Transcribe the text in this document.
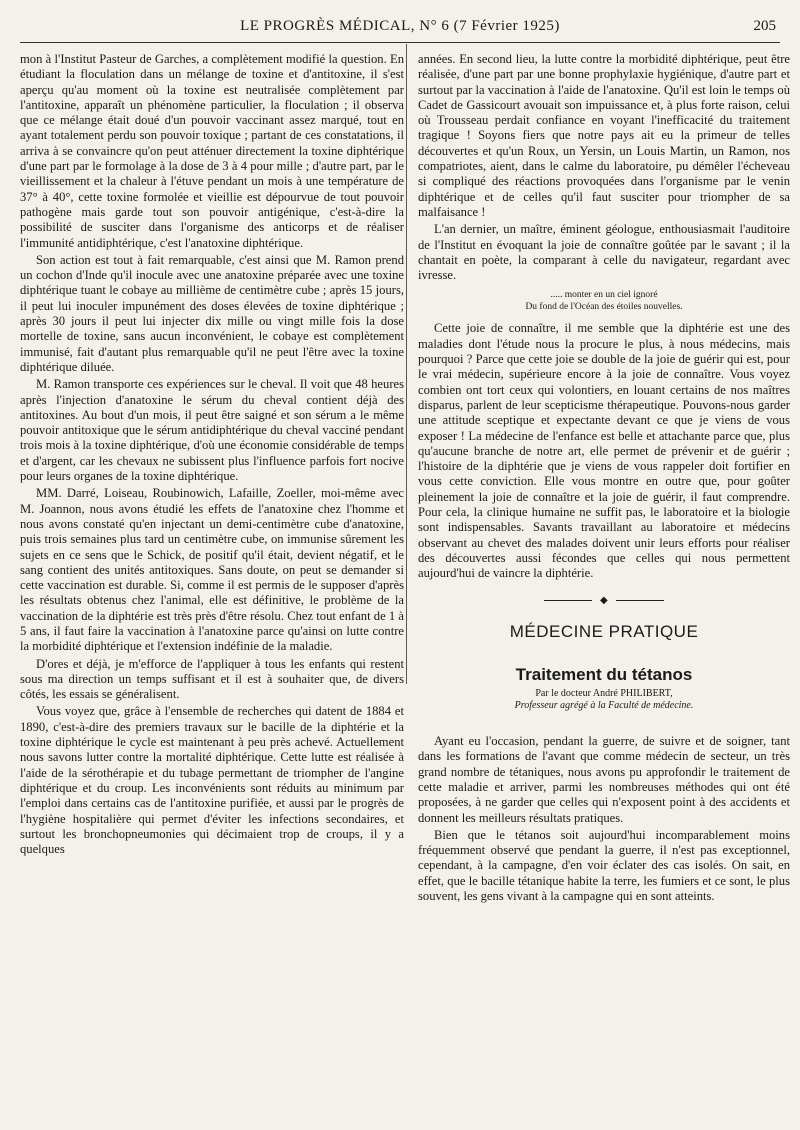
LE PROGRÈS MÉDICAL, N° 6 (7 Février 1925)	205

mon à l'Institut Pasteur de Garches, a complètement modifié la question. En étudiant la floculation dans un mélange de toxine et d'antitoxine, il s'est aperçu qu'au moment où la toxine est neutralisée complètement par l'antitoxine, apparaît un phénomène particulier, la floculation ; il observa que ce mélange était doué d'un pouvoir vaccinant assez marqué, tout en ayant totalement perdu son pouvoir toxique ; partant de ces constatations, il arriva à se convaincre qu'on peut atténuer directement la toxine diphtérique d'une part par le formolage à la dose de 3 à 4 pour mille ; d'autre part, par le vieillissement et la chaleur à l'étuve pendant un mois à une température de 37° à 40°, cette toxine formolée et vieillie est dépourvue de tout pouvoir pathogène mais garde tout son pouvoir antigénique, c'est-à-dire la possibilité de susciter dans l'organisme des anticorps et de réaliser l'immunité antidiphtérique, c'est l'anatoxine diphtérique.

Son action est tout à fait remarquable, c'est ainsi que M. Ramon prend un cochon d'Inde qu'il inocule avec une anatoxine préparée avec une toxine diphtérique tuant le cobaye au millième de centimètre cube ; après 15 jours, il peut lui inoculer impunément des doses élevées de toxine diphtérique ; après 30 jours il peut lui injecter dix mille ou vingt mille fois la dose mortelle de toxine, sans aucun inconvénient, le cobaye est complètement immunisé, fait d'autant plus remarquable qu'il ne peut l'être avec la toxine diphtérique diluée.

M. Ramon transporte ces expériences sur le cheval. Il voit que 48 heures après l'injection d'anatoxine le sérum du cheval contient déjà des antitoxines. Au bout d'un mois, il peut être saigné et son sérum a le même pouvoir antitoxique que le sérum antidiphtérique du cheval vacciné pendant trois mois à la toxine diphtérique, d'où une économie considérable de temps et d'argent, car les chevaux ne subissent plus l'influence parfois fort nocive pour leurs organes de la toxine diphtérique.

MM. Darré, Loiseau, Roubinowich, Lafaille, Zoeller, moi-même avec M. Joannon, nous avons étudié les effets de l'anatoxine chez l'homme et nous avons constaté qu'en injectant un demi-centimètre cube d'anatoxine, puis trois semaines plus tard un centimètre cube, on immunise sûrement les sujets en ce sens que le Schick, de positif qu'il était, devient négatif, et le sang contient des unités antitoxiques. Sans doute, on peut se demander si cette vaccination est durable. Si, comme il est permis de le supposer d'après les résultats obtenus chez l'animal, elle est définitive, le problème de la vaccination de la diphtérie est très près d'être résolu. Chez tout enfant de 1 à 5 ans, il faut faire la vaccination à l'anatoxine parce qu'ainsi on lutte contre la morbidité diphtérique et l'extension indéfinie de la maladie.

D'ores et déjà, je m'efforce de l'appliquer à tous les enfants qui restent sous ma direction un temps suffisant et il est à souhaiter que, de divers côtés, les essais se généralisent.

Vous voyez que, grâce à l'ensemble de recherches qui datent de 1884 et 1890, c'est-à-dire des premiers travaux sur le bacille de la diphtérie et la toxine diphtérique le cycle est maintenant à peu près achevé. Actuellement nous savons lutter contre la mortalité diphtérique. Cette lutte est réalisée à l'aide de la sérothérapie et du tubage permettant de triompher de l'angine diphtérique et du croup. Les inconvénients sont réduits au minimum par l'emploi dans certains cas de l'antitoxine purifiée, et aussi par le progrès de l'hygiène hospitalière qui permet d'éviter les infections secondaires, et surtout les bronchopneumonies qui décimaient trop de croups, il y a quelques

années. En second lieu, la lutte contre la morbidité diphtérique, peut être réalisée, d'une part par une bonne prophylaxie hygiénique, d'autre part et surtout par la vaccination à l'aide de l'anatoxine. Qu'il est loin le temps où Cadet de Gassicourt avouait son impuissance et, à plus forte raison, celui où Trousseau perdait confiance en voyant l'inefficacité du traitement tragique ! Soyons fiers que notre pays ait eu la primeur de telles découvertes et qu'un Roux, un Yersin, un Louis Martin, un Ramon, nos compatriotes, aient, dans le calme du laboratoire, pu démêler l'écheveau si compliqué des réactions provoquées dans l'organisme par le venin diphtérique et de celles qu'il faut susciter pour triompher de sa malfaisance !

L'an dernier, un maître, éminent géologue, enthousiasmait l'auditoire de l'Institut en évoquant la joie de connaître goûtée par le savant ; il la chantait en poète, la comparant à celle du navigateur, regardant avec ivresse.

..... monter en un ciel ignoré
Du fond de l'Océan des étoiles nouvelles.

Cette joie de connaître, il me semble que la diphtérie est une des maladies dont l'étude nous la procure le plus, à nous médecins, mais pourquoi ? Parce que cette joie se double de la joie de guérir qui est, pour le vrai médecin, supérieure encore à la joie de connaître. Vous voyez combien ont tort ceux qui volontiers, en louant certains de nos maîtres disparus, parlent de leur scepticisme thérapeutique. Pouvons-nous garder une attitude sceptique et expectante devant ce que je viens de vous exposer ! La médecine de l'enfance est belle et attachante parce que, plus qu'aucune branche de notre art, elle permet de prévenir et de guérir ; l'histoire de la diphtérie que je viens de vous rappeler doit fortifier en vous cette conviction. Elle vous montre en outre que, pour goûter pleinement la joie de connaître et la joie de guérir, il faut comprendre. Pour cela, la clinique humaine ne suffit pas, le laboratoire et la biologie sont indispensables. Savants travaillant au laboratoire et médecins observant au chevet des malades doivent unir leurs efforts pour réaliser des découvertes aussi fécondes que celles qui nous permettent aujourd'hui de vaincre la diphtérie.

◆
MÉDECINE PRATIQUE
Traitement du tétanos
Par le docteur André PHILIBERT,
Professeur agrégé à la Faculté de médecine.

Ayant eu l'occasion, pendant la guerre, de suivre et de soigner, tant dans les formations de l'avant que comme médecin de secteur, un très grand nombre de tétaniques, nous avons pu approfondir le traitement de cette maladie et arriver, parmi les nombreuses méthodes qui ont été proposées, à ne garder que celles qui n'exposent point à des accidents et donnent les meilleurs résultats pratiques.

Bien que le tétanos soit aujourd'hui incomparablement moins fréquemment observé que pendant la guerre, il n'est pas exceptionnel, cependant, à la campagne, d'en voir éclater des cas isolés. On sait, en effet, que le bacille tétanique habite la terre, les fumiers et ce sont, le plus souvent, les gens vivant à la campagne qui en sont atteints.
